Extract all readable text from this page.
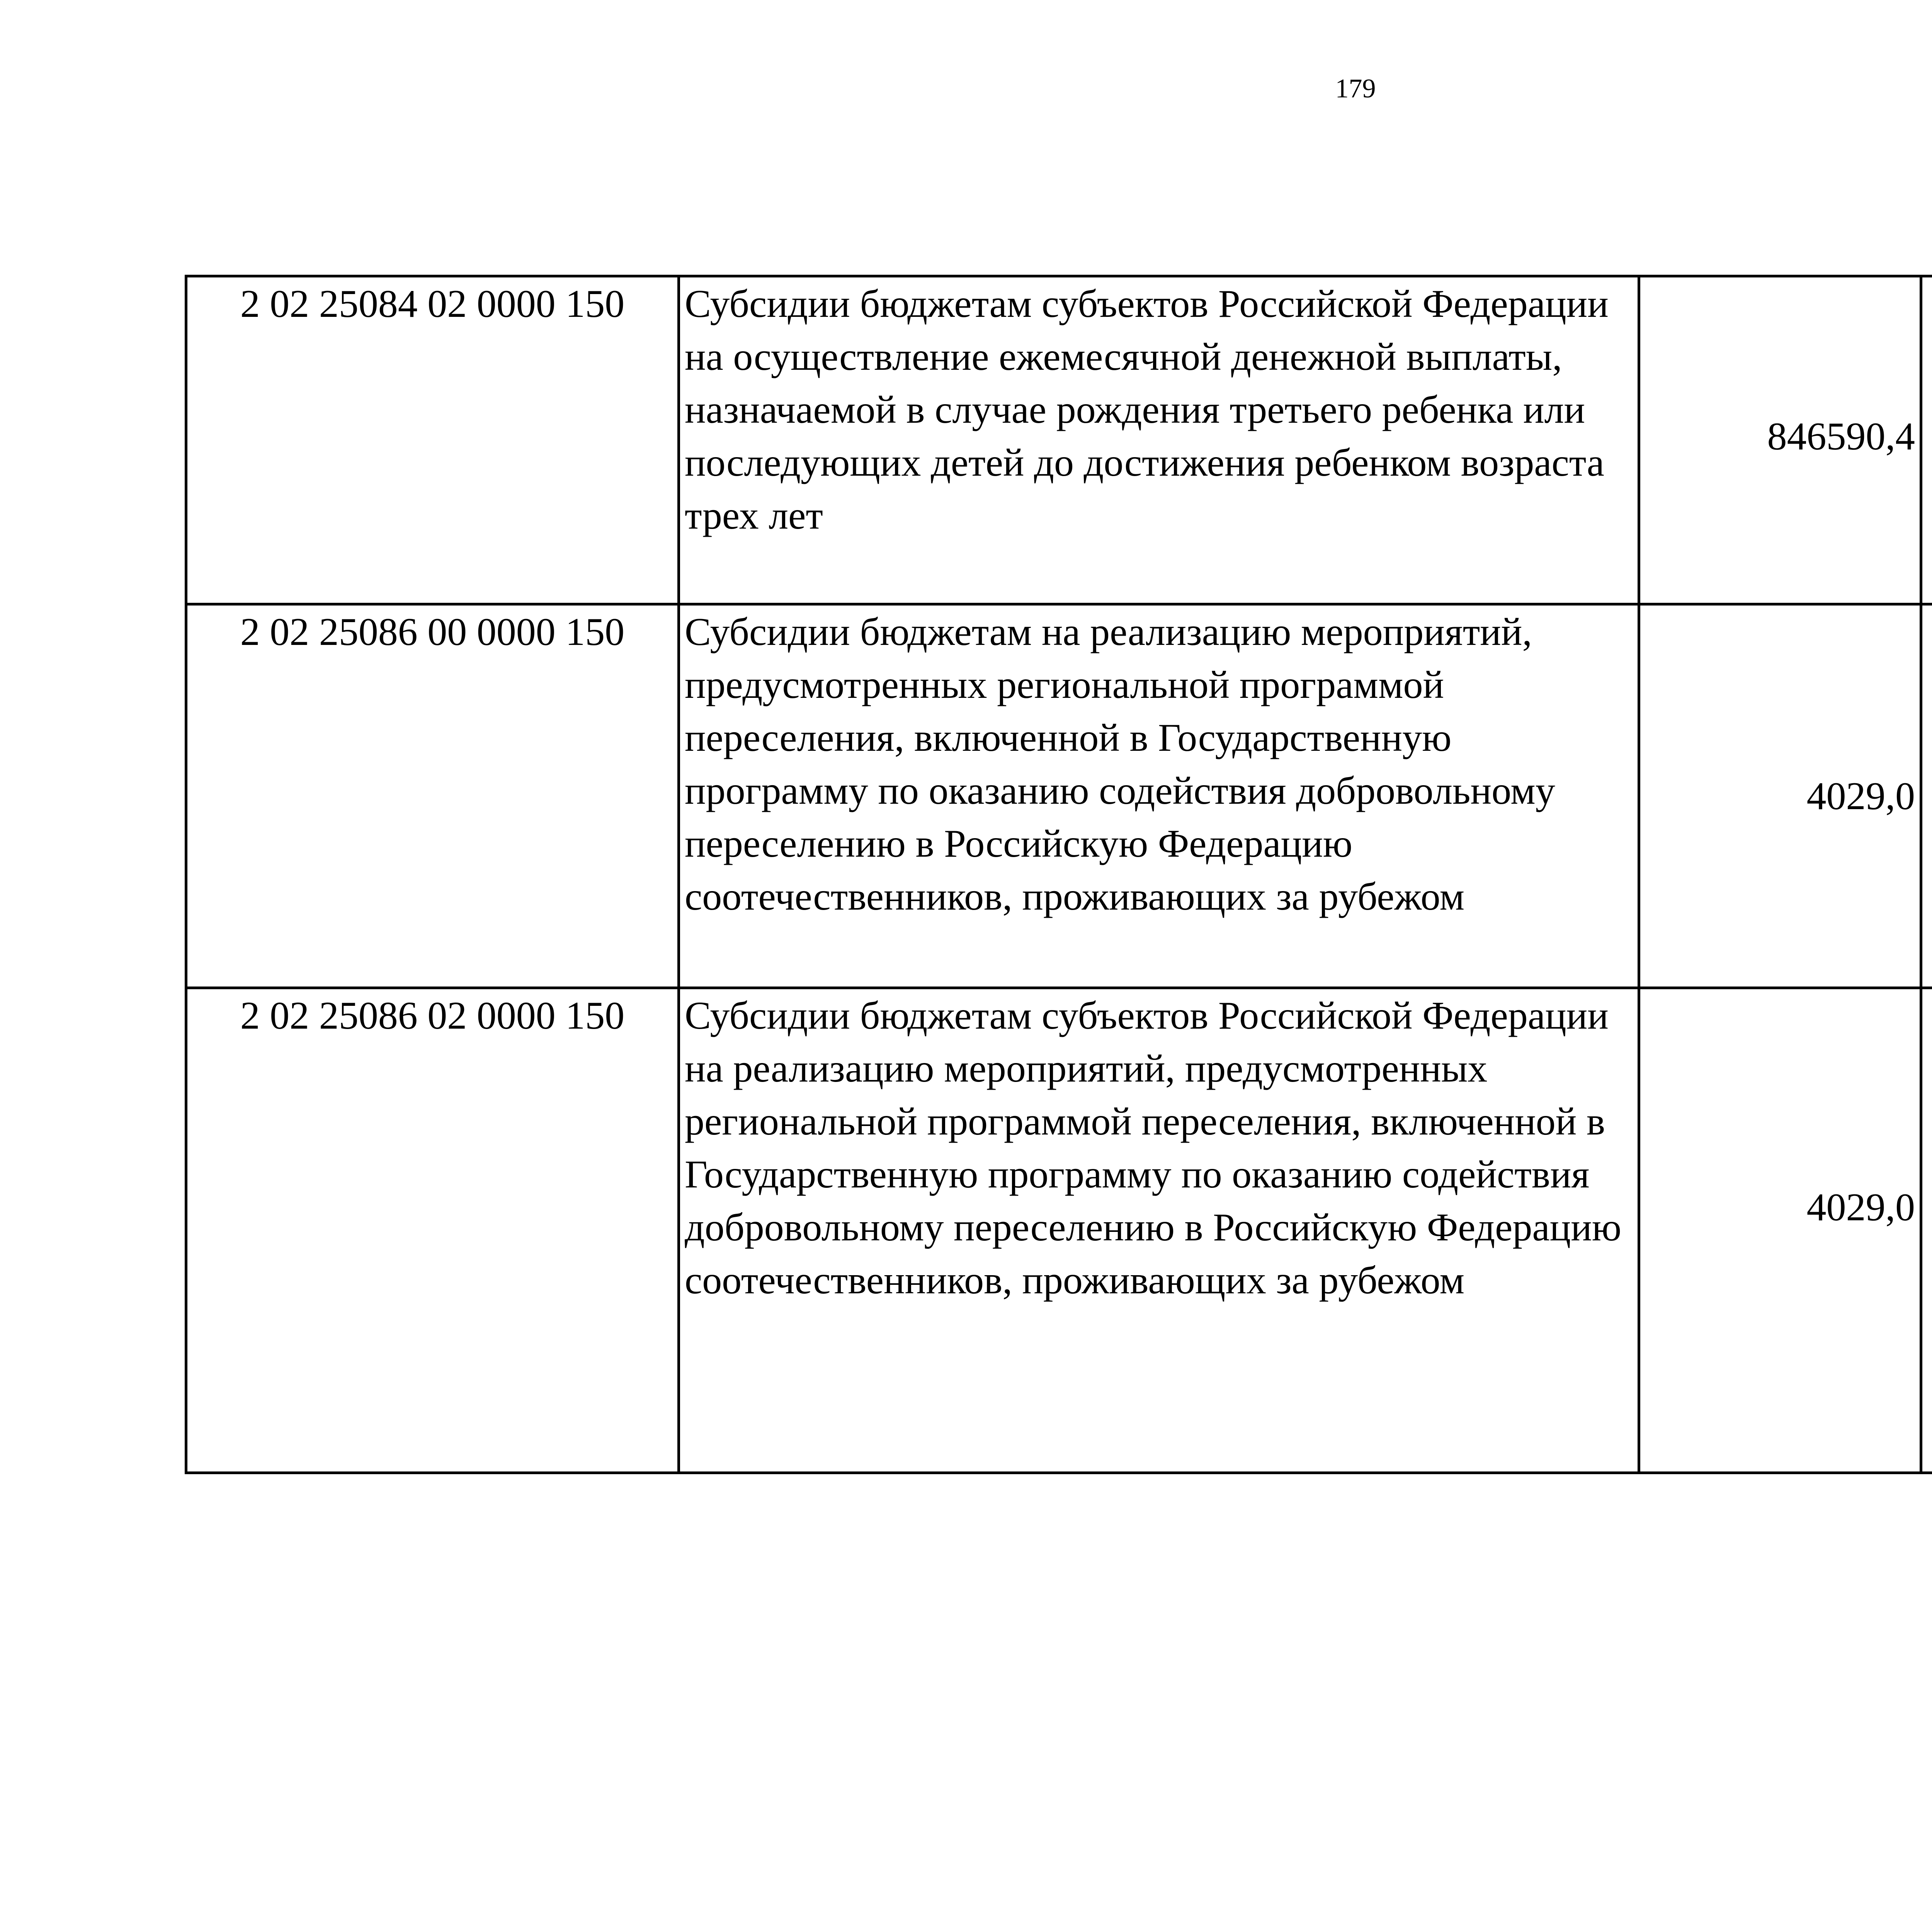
179
2 02 25084 02 0000 150	Субсидии бюджетам субъектов Российской Федерации на осуществление ежемесячной денежной выплаты, назначаемой в случае рождения третьего ребенка или последующих детей до достижения ребенком возраста трех лет	846590,4		
2 02 25086 00 0000 150	Субсидии бюджетам на реализацию мероприятий, предусмотренных региональной программой переселения, включенной в Государственную программу по оказанию содействия добровольному переселению в Российскую Федерацию соотечественников, проживающих за рубежом	4029,0		
2 02 25086 02 0000 150	Субсидии бюджетам субъектов Российской Федерации на реализацию мероприятий, предусмотренных региональной программой переселения, включенной в Государственную программу по оказанию содействия добровольному переселению в Российскую Федерацию соотечественников, проживающих за рубежом	4029,0		
